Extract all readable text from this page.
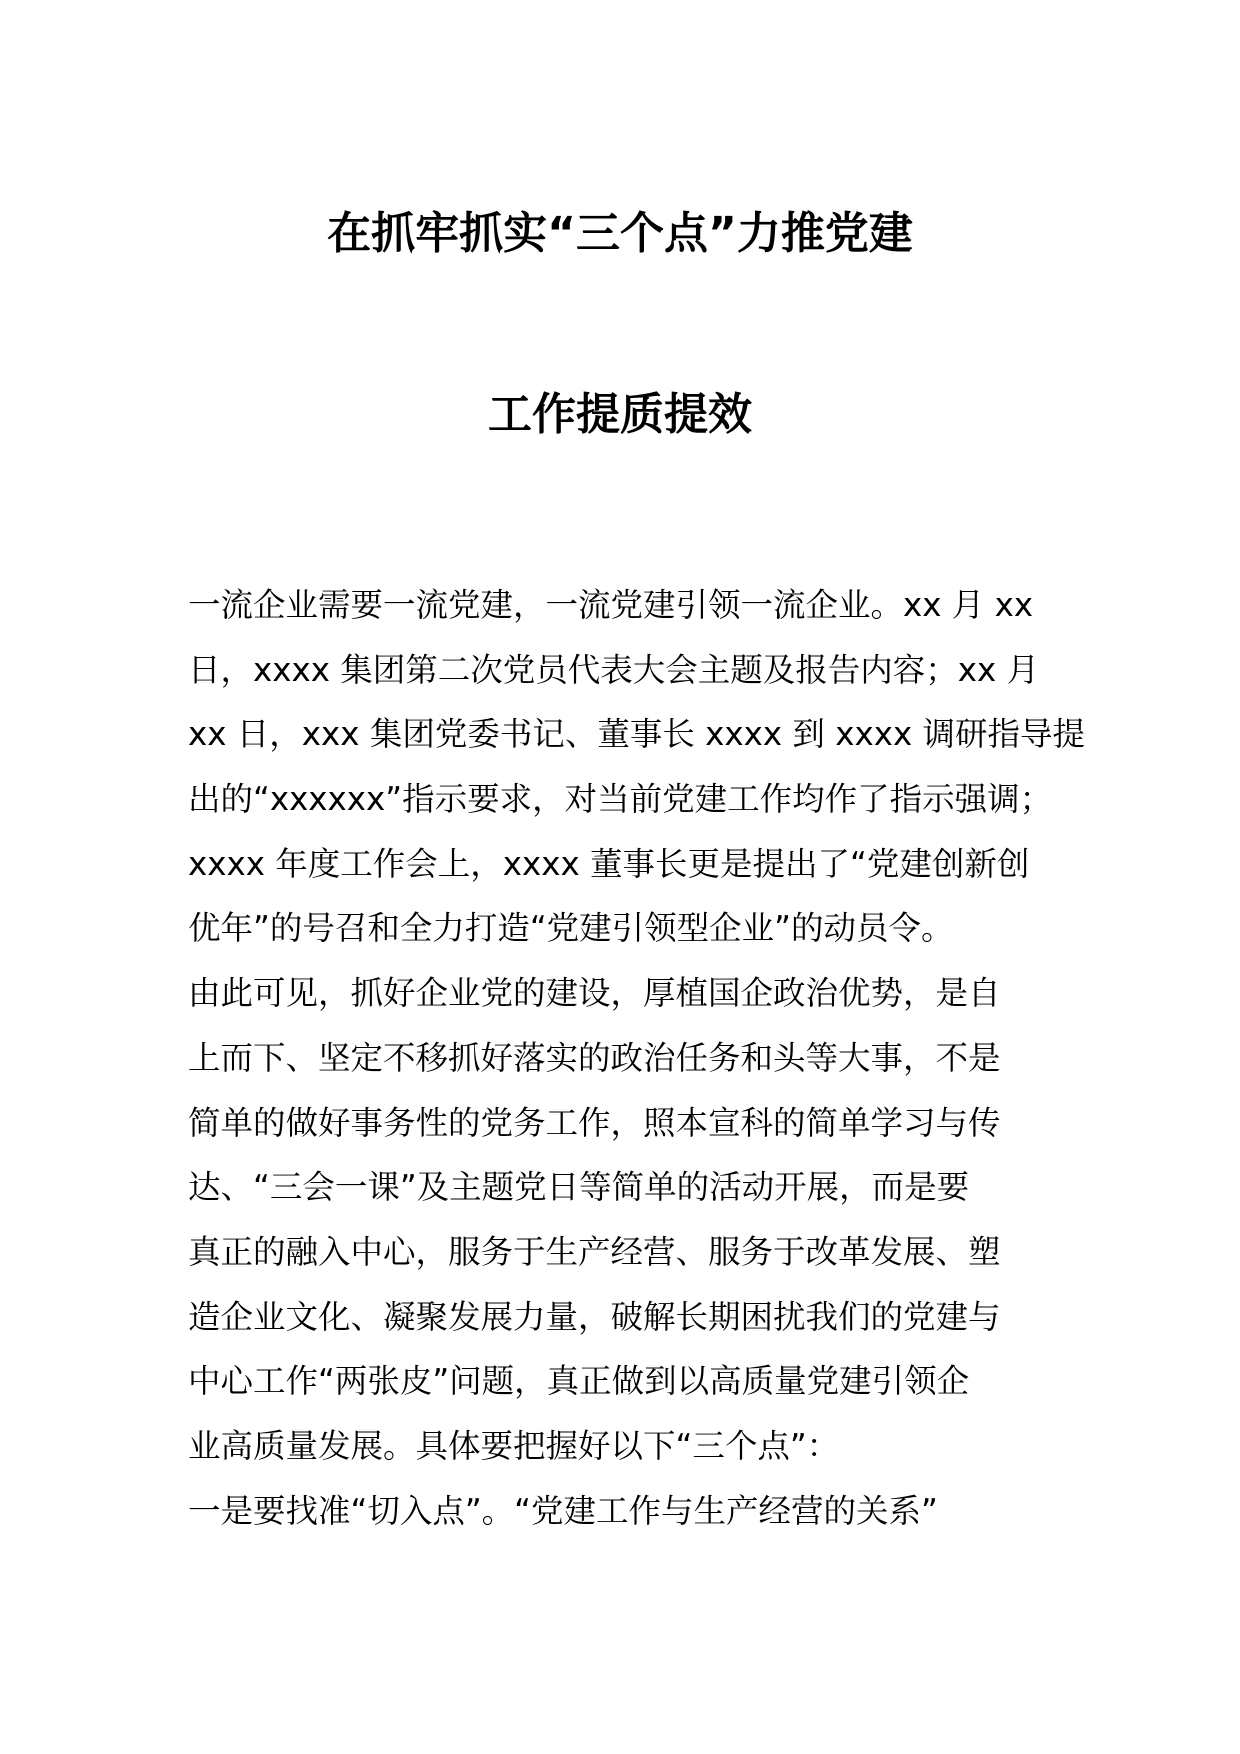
在抓牢抓实“三个点”力推党建
工作提质提效
一流企业需要一流党建，一流党建引领一流企业。xx 月 xx
日，xxxx 集团第二次党员代表大会主题及报告内容；xx 月
xx 日，xxx 集团党委书记、董事长 xxxx 到 xxxx 调研指导提
出的“xxxxxx”指示要求，对当前党建工作均作了指示强调；
xxxx 年度工作会上，xxxx 董事长更是提出了“党建创新创
优年”的号召和全力打造“党建引领型企业”的动员令。
由此可见，抓好企业党的建设，厚植国企政治优势，是自
上而下、坚定不移抓好落实的政治任务和头等大事，不是
简单的做好事务性的党务工作，照本宣科的简单学习与传
达、“三会一课”及主题党日等简单的活动开展，而是要
真正的融入中心，服务于生产经营、服务于改革发展、塑
造企业文化、凝聚发展力量，破解长期困扰我们的党建与
中心工作“两张皮”问题，真正做到以高质量党建引领企
业高质量发展。具体要把握好以下“三个点”：
一是要找准“切入点”。“党建工作与生产经营的关系”
